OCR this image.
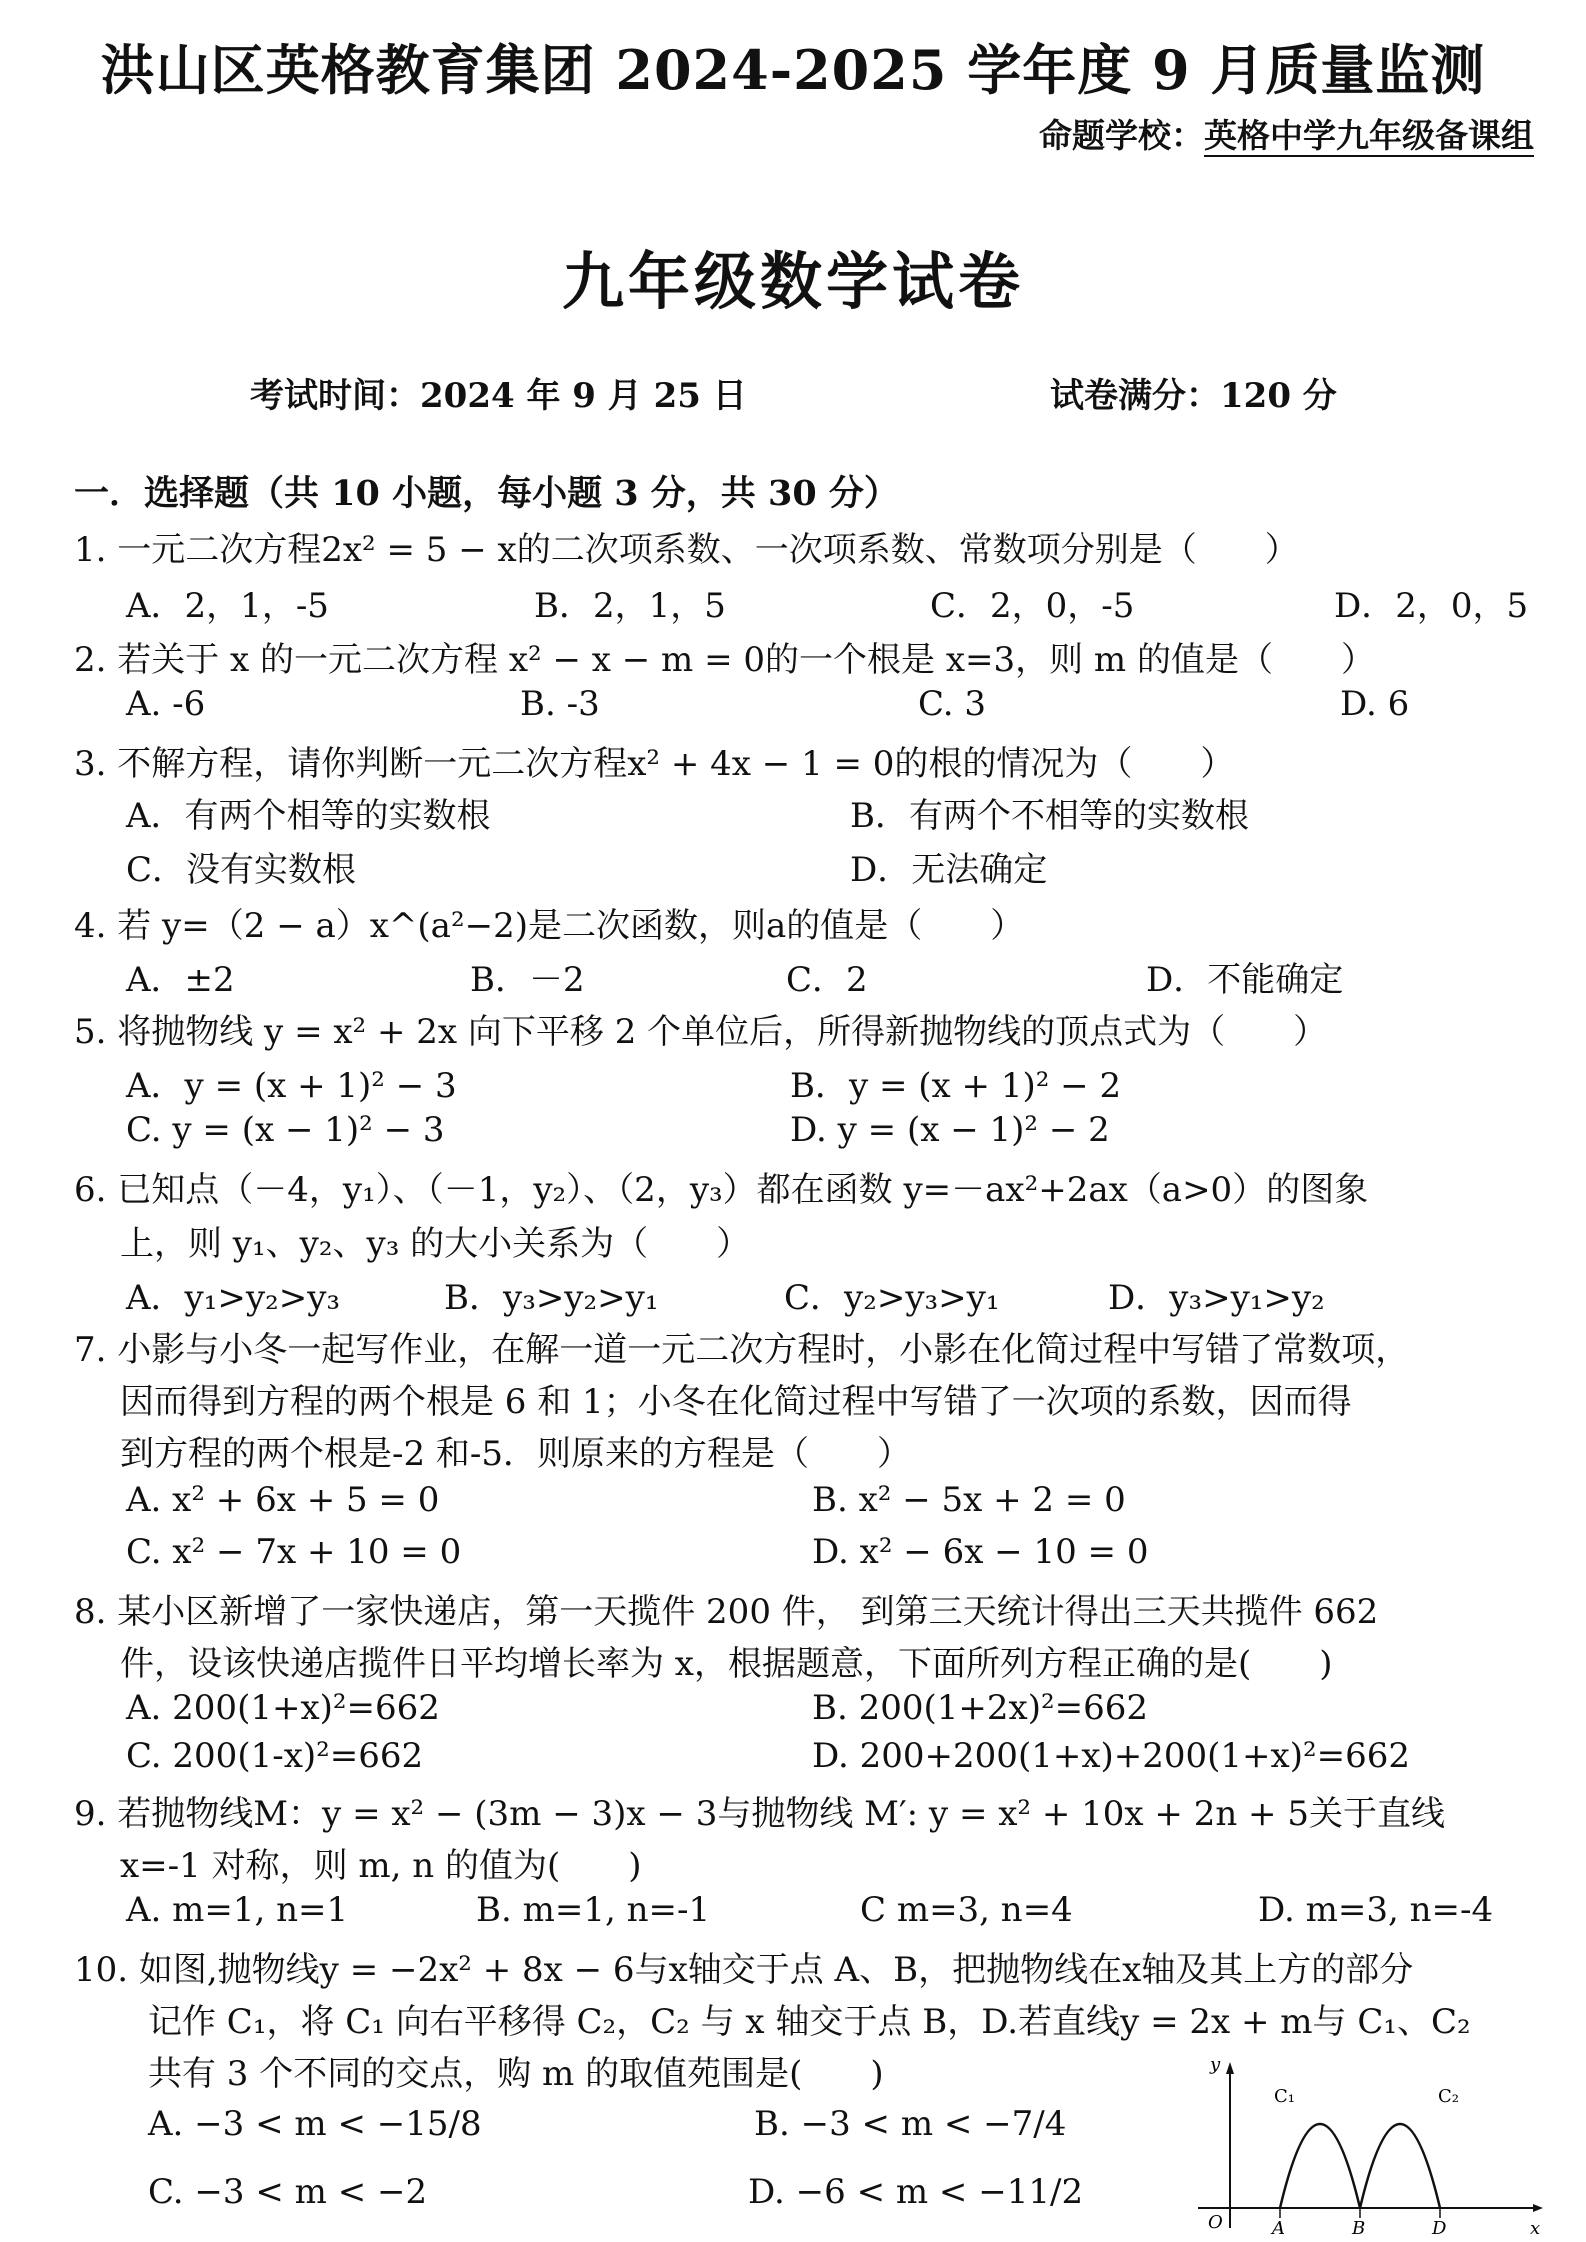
洪山区英格教育集团 2024-2025 学年度 9 月质量监测
命题学校：英格中学九年级备课组
九年级数学试卷
考试时间：2024 年 9 月 25 日	试卷满分：120 分
一．选择题（共 10 小题，每小题 3 分，共 30 分）
1. 一元二次方程2x² = 5 − x的二次项系数、一次项系数、常数项分别是（　　）
A．2，1，-5	B．2，1，5	C．2，0，-5	D．2，0，5
2. 若关于 x 的一元二次方程 x² − x − m = 0的一个根是 x=3，则 m 的值是（　　）
A. -6	B. -3	C. 3	D. 6
3. 不解方程，请你判断一元二次方程x² + 4x − 1 = 0的根的情况为（　　）
A．有两个相等的实数根	B．有两个不相等的实数根
C．没有实数根	D．无法确定
4. 若 y=（2 − a）x^(a²−2)是二次函数，则a的值是（　　）
A．±2	B．－2	C．2	D．不能确定
5. 将抛物线 y = x² + 2x 向下平移 2 个单位后，所得新抛物线的顶点式为（　　）
A．y = (x + 1)² − 3	B．y = (x + 1)² − 2
C. y = (x − 1)² − 3	D. y = (x − 1)² − 2
6. 已知点（－4，y₁）、（－1，y₂）、（2，y₃）都在函数 y=－ax²+2ax（a>0）的图象
上，则 y₁、y₂、y₃ 的大小关系为（　　）
A．y₁>y₂>y₃	B．y₃>y₂>y₁	C．y₂>y₃>y₁	D．y₃>y₁>y₂
7. 小影与小冬一起写作业，在解一道一元二次方程时，小影在化简过程中写错了常数项，
因而得到方程的两个根是 6 和 1；小冬在化简过程中写错了一次项的系数，因而得
到方程的两个根是-2 和-5．则原来的方程是（　　）
A. x² + 6x + 5 = 0	B. x² − 5x + 2 = 0
C. x² − 7x + 10 = 0	D. x² − 6x − 10 = 0
8. 某小区新增了一家快递店，第一天揽件 200 件， 到第三天统计得出三天共揽件 662
件，设该快递店揽件日平均增长率为 x，根据题意，下面所列方程正确的是(　　)
A. 200(1+x)²=662	B. 200(1+2x)²=662
C. 200(1-x)²=662	D. 200+200(1+x)+200(1+x)²=662
9. 若抛物线M：y = x² − (3m − 3)x − 3与抛物线 M′: y = x² + 10x + 2n + 5关于直线
x=-1 对称，则 m, n 的值为(　　)
A. m=1, n=1	B. m=1, n=-1	C m=3, n=4	D. m=3, n=-4
10. 如图,抛物线y = −2x² + 8x − 6与x轴交于点 A、B，把抛物线在x轴及其上方的部分
记作 C₁，将 C₁ 向右平移得 C₂，C₂ 与 x 轴交于点 B，D.若直线y = 2x + m与 C₁、C₂
共有 3 个不同的交点，购 m 的取值苑围是(　　)
A. −3 < m < −15/8	B. −3 < m < −7/4
C. −3 < m < −2	D. −6 < m < −11/2
y
x
O	A	B	D
C₁	C₂
